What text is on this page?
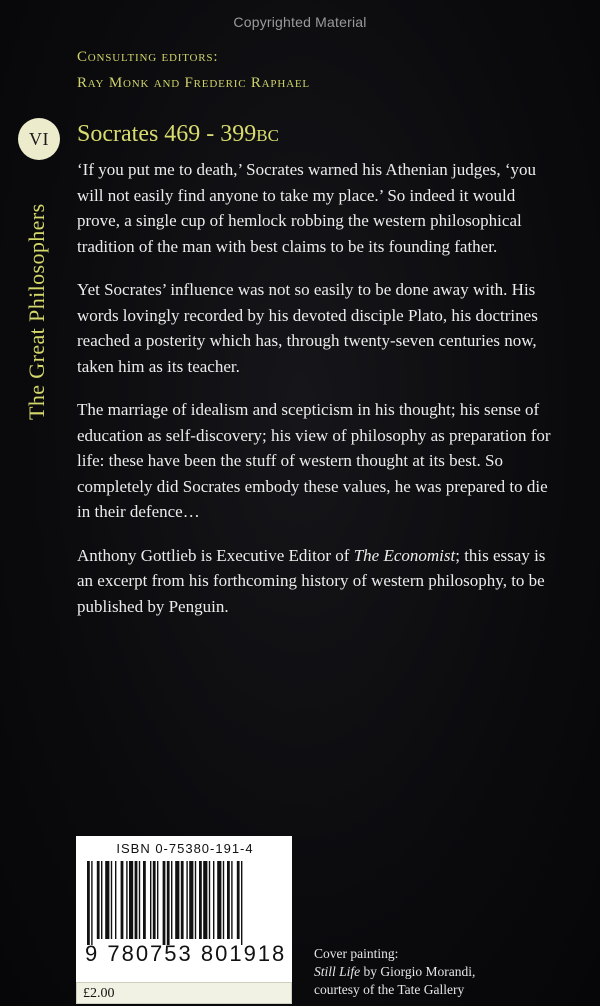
Copyrighted Material
Consulting editors:
Ray Monk and Frederic Raphael
VI	Socrates 469 - 399BC
The Great Philosophers

‘If you put me to death,’ Socrates warned his Athenian judges, ‘you will not easily find anyone to take my place.’ So indeed it would prove, a single cup of hemlock robbing the western philosophical tradition of the man with best claims to be its founding father.

Yet Socrates’ influence was not so easily to be done away with. His words lovingly recorded by his devoted disciple Plato, his doctrines reached a posterity which has, through twenty-seven centuries now, taken him as its teacher.

The marriage of idealism and scepticism in his thought; his sense of education as self-discovery; his view of philosophy as preparation for life: these have been the stuff of western thought at its best. So completely did Socrates embody these values, he was prepared to die in their defence…

Anthony Gottlieb is Executive Editor of The Economist; this essay is an excerpt from his forthcoming history of western philosophy, to be published by Penguin.

ISBN 0-75380-191-4
9 780753 801918
£2.00
Cover painting:
Still Life by Giorgio Morandi,
courtesy of the Tate Gallery
